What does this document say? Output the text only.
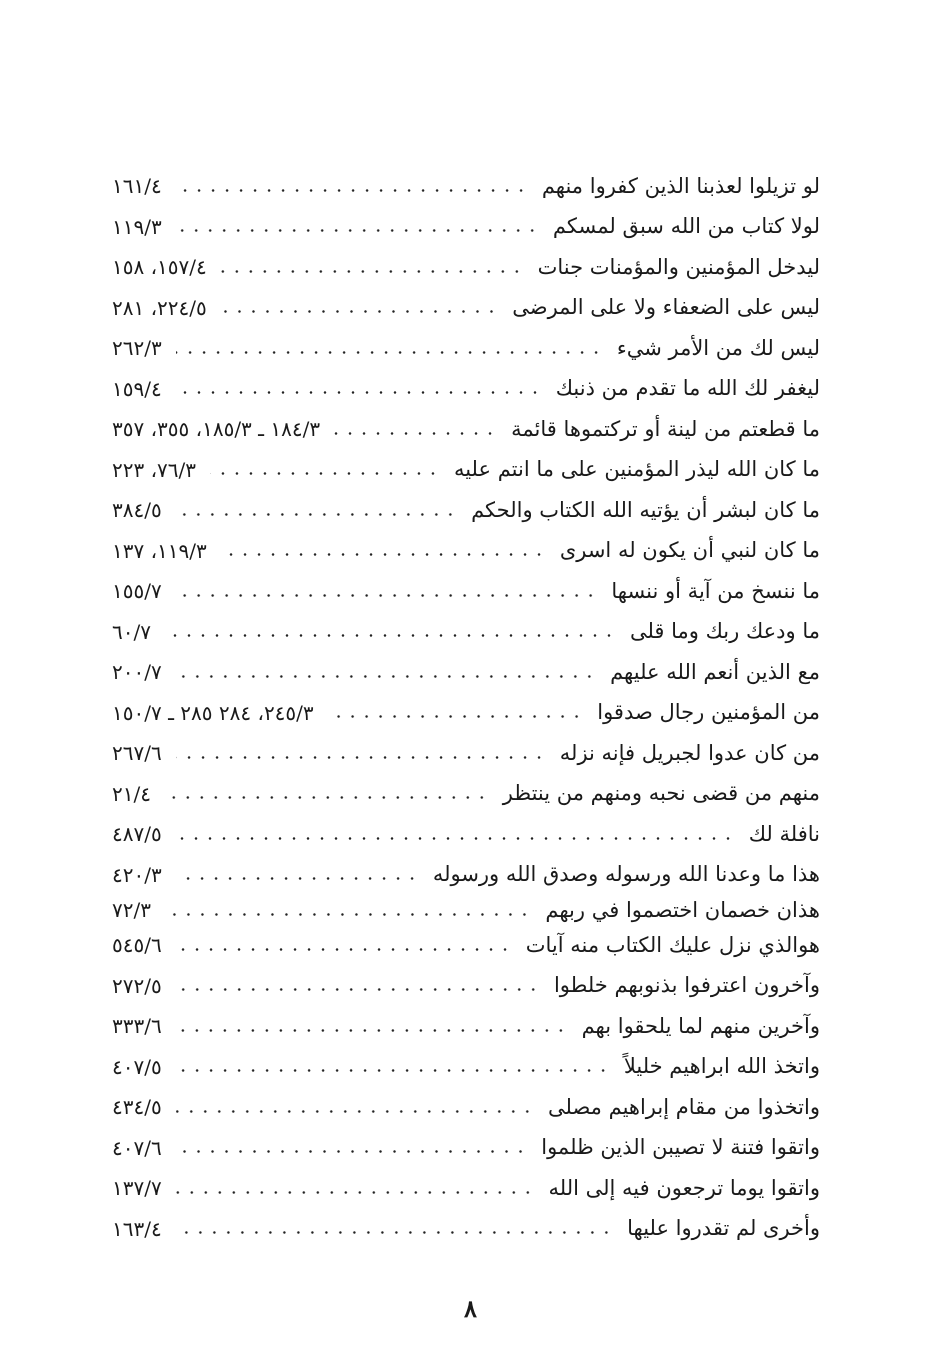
لو تزيلوا لعذبنا الذين كفروا منهم
١٦١/٤
لولا كتاب من الله سبق لمسكم
١١٩/٣
ليدخل المؤمنين والمؤمنات جنات
١٥٧/٤، ١٥٨
ليس على الضعفاء ولا على المرضى
٢٢٤/٥، ٢٨١
ليس لك من الأمر شيء
٢٦٢/٣
ليغفر لك الله ما تقدم من ذنبك
١٥٩/٤
ما قطعتم من لينة أو تركتموها قائمة
١٨٤/٣ ـ ١٨٥/٣، ٣٥٥، ٣٥٧
ما كان الله ليذر المؤمنين على ما انتم عليه
٧٦/٣، ٢٢٣
ما كان لبشر أن يؤتيه الله الكتاب والحكم
٣٨٤/٥
ما كان لنبي أن يكون له اسرى
١١٩/٣، ١٣٧
ما ننسخ من آية أو ننسها
١٥٥/٧
ما ودعك ربك وما قلى
٦٠/٧
مع الذين أنعم الله عليهم
٢٠٠/٧
من المؤمنين رجال صدقوا
٢٤٥/٣، ٢٨٤ ٢٨٥ ـ ١٥٠/٧
من كان عدوا لجبريل فإنه نزله
٢٦٧/٦
منهم من قضى نحبه ومنهم من ينتظر
٢١/٤
نافلة لك
٤٨٧/٥
هذا ما وعدنا الله ورسوله وصدق الله ورسوله
٤٢٠/٣
هذان خصمان اختصموا في ربهم
٧٢/٣
هوالذي نزل عليك الكتاب منه آيات
٥٤٥/٦
وآخرون اعترفوا بذنوبهم خلطوا
٢٧٢/٥
وآخرين منهم لما يلحقوا بهم
٣٣٣/٦
واتخذ الله ابراهيم خليلاً
٤٠٧/٥
واتخذوا من مقام إبراهيم مصلى
٤٣٤/٥
واتقوا فتنة لا تصيبن الذين ظلموا
٤٠٧/٦
واتقوا يوما ترجعون فيه إلى الله
١٣٧/٧
وأخرى لم تقدروا عليها
١٦٣/٤
٨
